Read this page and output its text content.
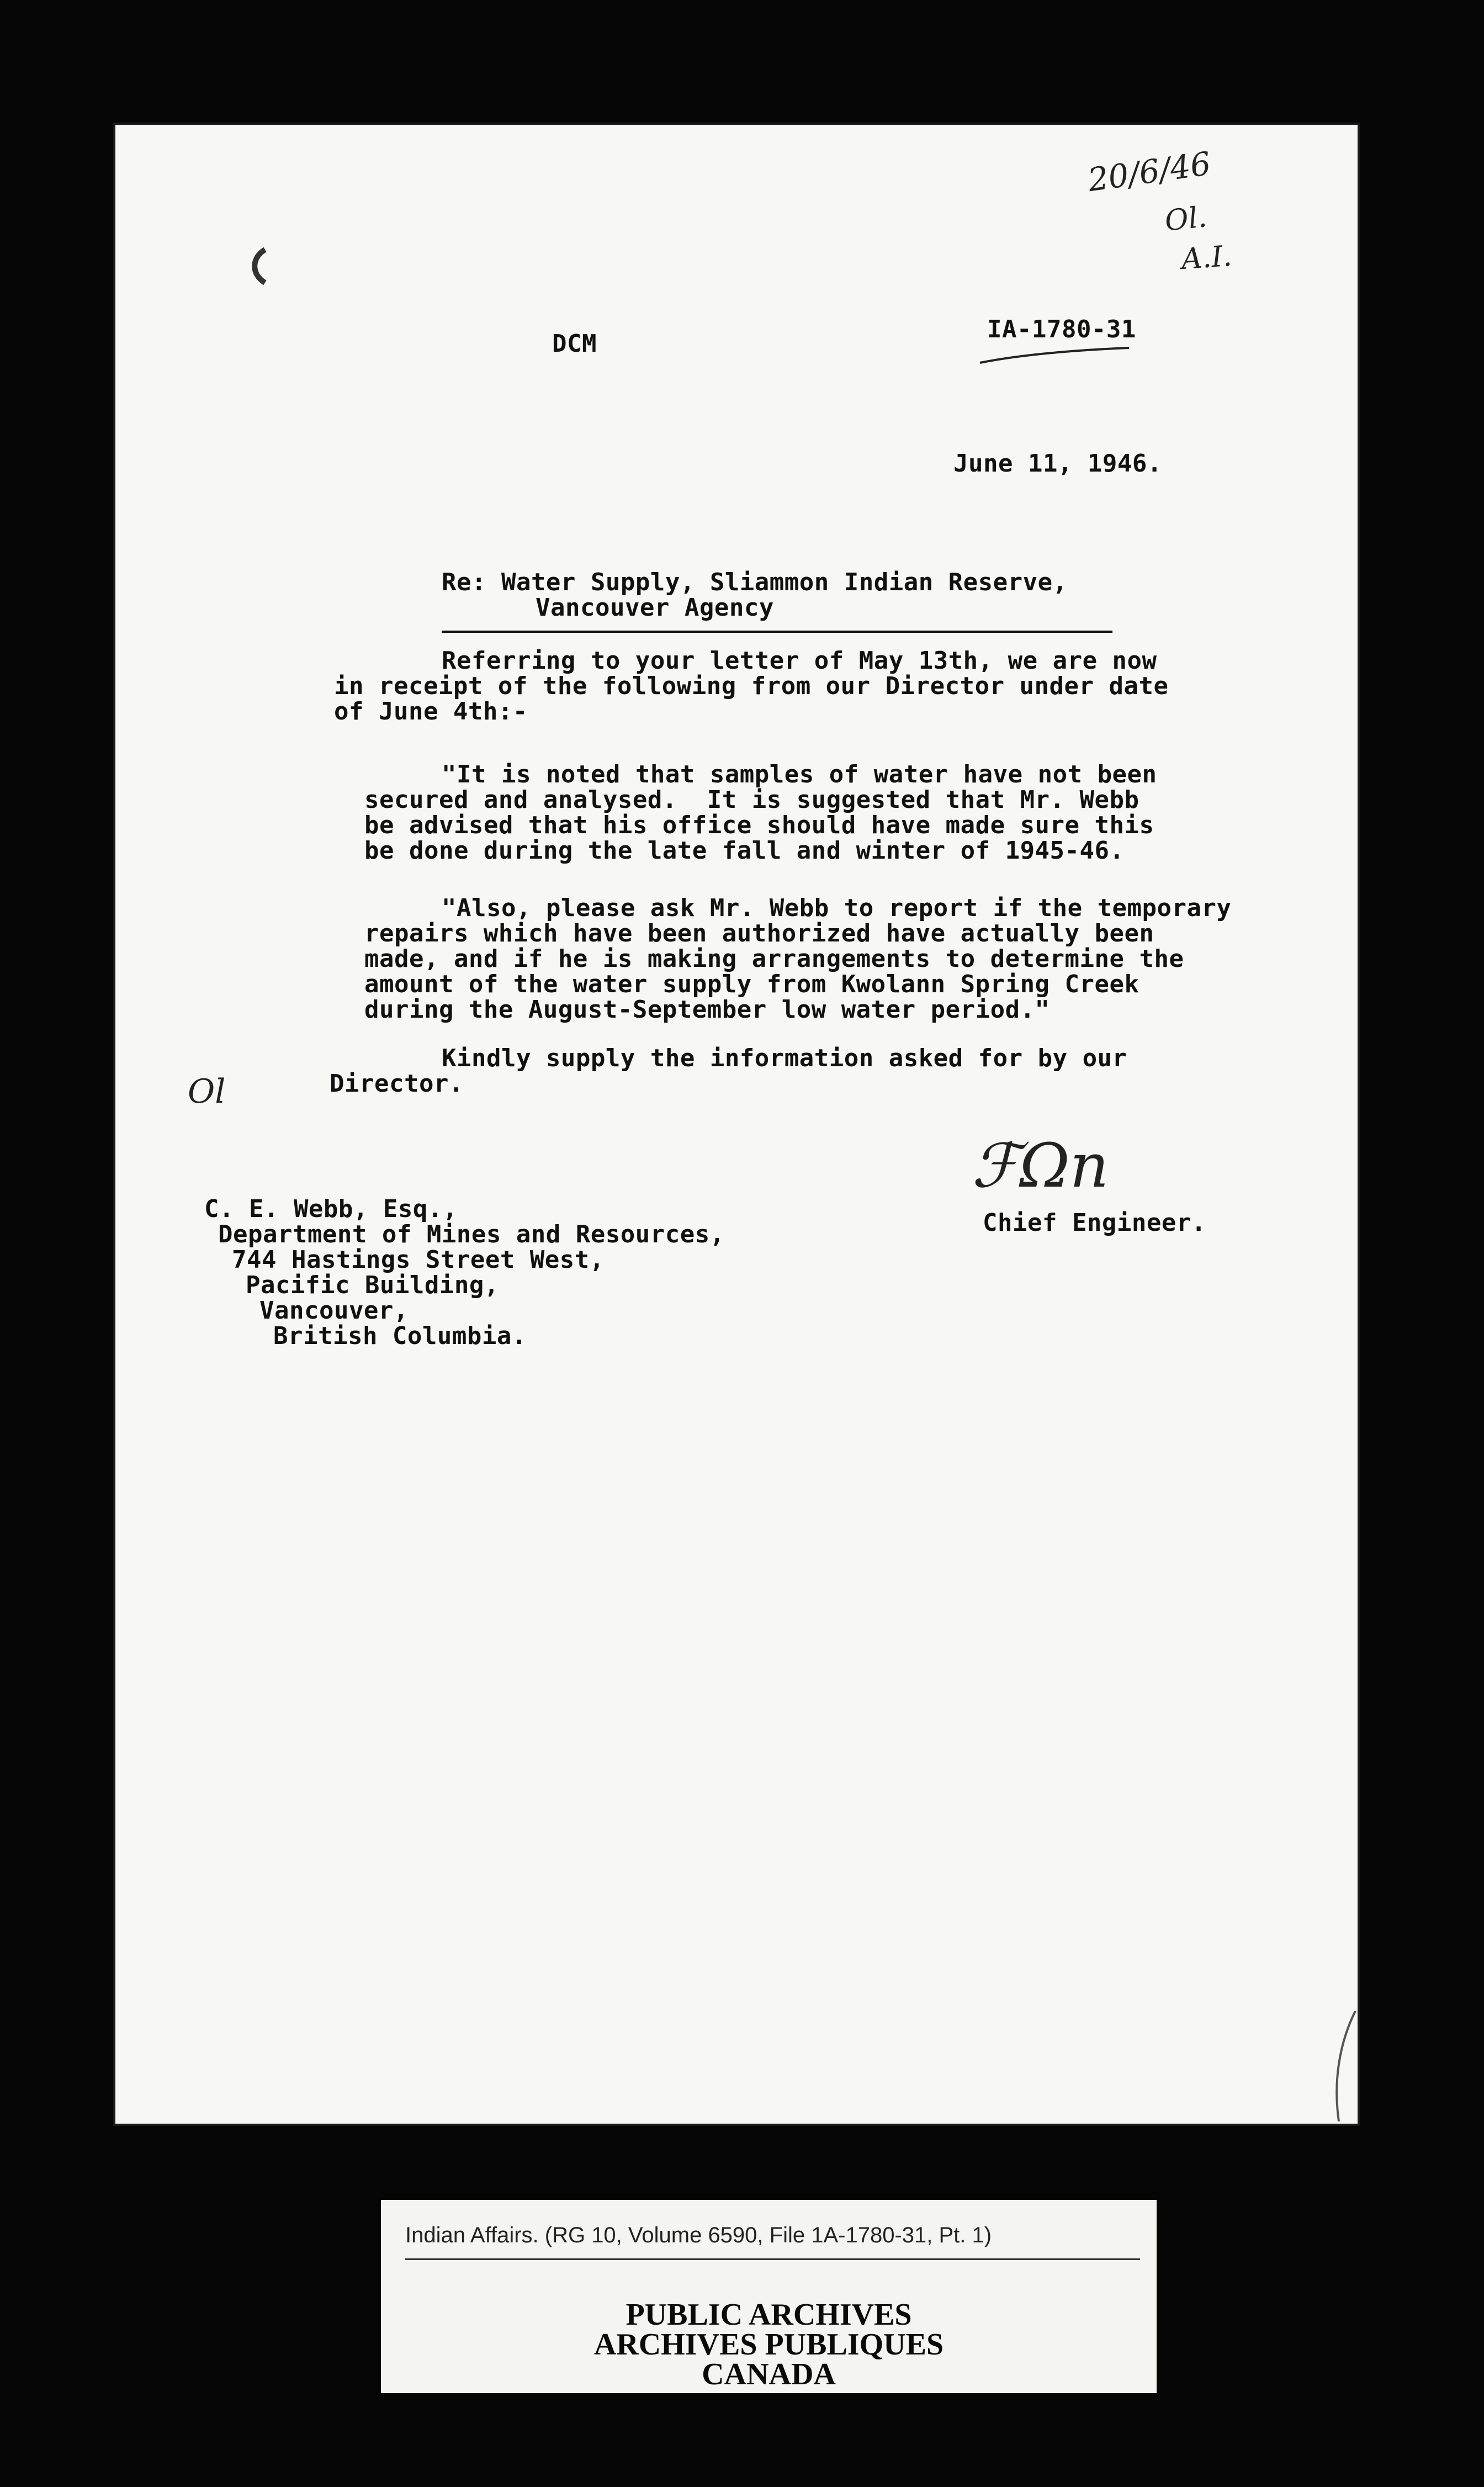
20/6/46
Ol.
A.I.
DCM
IA-1780-31
June 11, 1946.
Re: Water Supply, Sliammon Indian Reserve,
Vancouver Agency
Referring to your letter of May 13th, we are now
in receipt of the following from our Director under date
of June 4th:-
"It is noted that samples of water have not been
secured and analysed.  It is suggested that Mr. Webb
be advised that his office should have made sure this
be done during the late fall and winter of 1945-46.
"Also, please ask Mr. Webb to report if the temporary
repairs which have been authorized have actually been
made, and if he is making arrangements to determine the
amount of the water supply from Kwolann Spring Creek
during the August-September low water period."
Kindly supply the information asked for by our
Director.
Ol
ℱΩn
Chief Engineer.
C. E. Webb, Esq.,
Department of Mines and Resources,
744 Hastings Street West,
Pacific Building,
Vancouver,
British Columbia.
Indian Affairs. (RG 10, Volume 6590, File 1A-1780-31, Pt. 1)
PUBLIC ARCHIVES
ARCHIVES PUBLIQUES
CANADA
